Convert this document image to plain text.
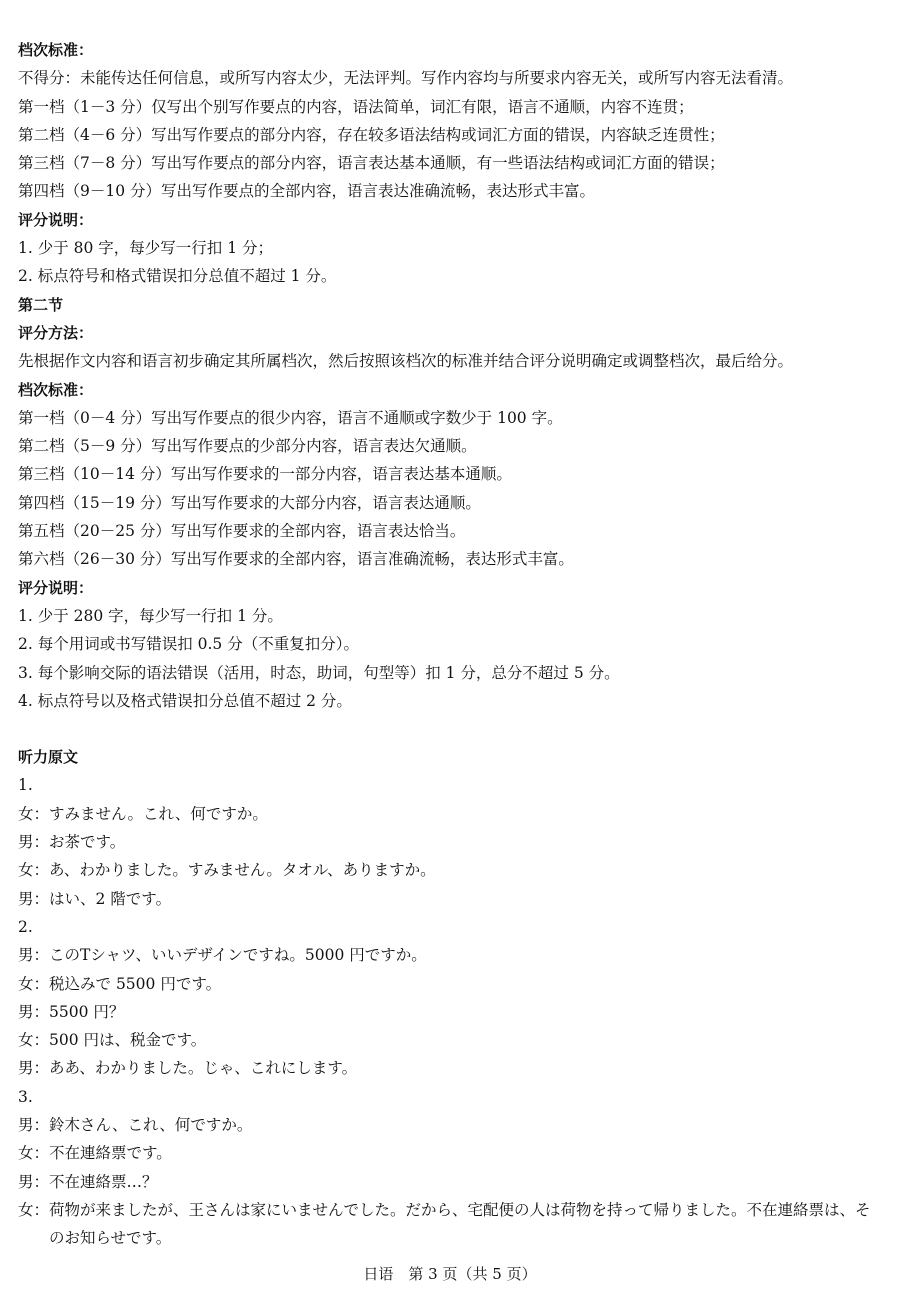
档次标准：

不得分：未能传达任何信息，或所写内容太少，无法评判。写作内容均与所要求内容无关，或所写内容无法看清。

第一档（1－3 分）仅写出个别写作要点的内容，语法简单，词汇有限，语言不通顺，内容不连贯；

第二档（4－6 分）写出写作要点的部分内容，存在较多语法结构或词汇方面的错误，内容缺乏连贯性；

第三档（7－8 分）写出写作要点的部分内容，语言表达基本通顺，有一些语法结构或词汇方面的错误；

第四档（9－10 分）写出写作要点的全部内容，语言表达准确流畅，表达形式丰富。

评分说明：

1. 少于 80 字，每少写一行扣 1 分；

2. 标点符号和格式错误扣分总值不超过 1 分。

第二节

评分方法：

先根据作文内容和语言初步确定其所属档次，然后按照该档次的标准并结合评分说明确定或调整档次，最后给分。

档次标准：

第一档（0－4 分）写出写作要点的很少内容，语言不通顺或字数少于 100 字。

第二档（5－9 分）写出写作要点的少部分内容，语言表达欠通顺。

第三档（10－14 分）写出写作要求的一部分内容，语言表达基本通顺。

第四档（15－19 分）写出写作要求的大部分内容，语言表达通顺。

第五档（20－25 分）写出写作要求的全部内容，语言表达恰当。

第六档（26－30 分）写出写作要求的全部内容，语言准确流畅，表达形式丰富。

评分说明：

1. 少于 280 字，每少写一行扣 1 分。

2. 每个用词或书写错误扣 0.5 分（不重复扣分）。

3. 每个影响交际的语法错误（活用，时态，助词，句型等）扣 1 分，总分不超过 5 分。

4. 标点符号以及格式错误扣分总值不超过 2 分。

听力原文

1.

女： すみません。これ、何ですか。
男： お茶です。
女： あ、わかりました。すみません。タオル、ありますか。
男： はい、2 階です。

2.

男： このTシャツ、いいデザインですね。5000 円ですか。
女： 税込みで 5500 円です。
男： 5500 円？
女： 500 円は、税金です。
男： ああ、わかりました。じゃ、これにします。

3.

男： 鈴木さん、これ、何ですか。
女： 不在連絡票です。
男： 不在連絡票…？
女： 荷物が来ましたが、王さんは家にいませんでした。だから、宅配便の人は荷物を持って帰りました。不在連絡票は、そのお知らせです。
日语　第 3 页（共 5 页）
